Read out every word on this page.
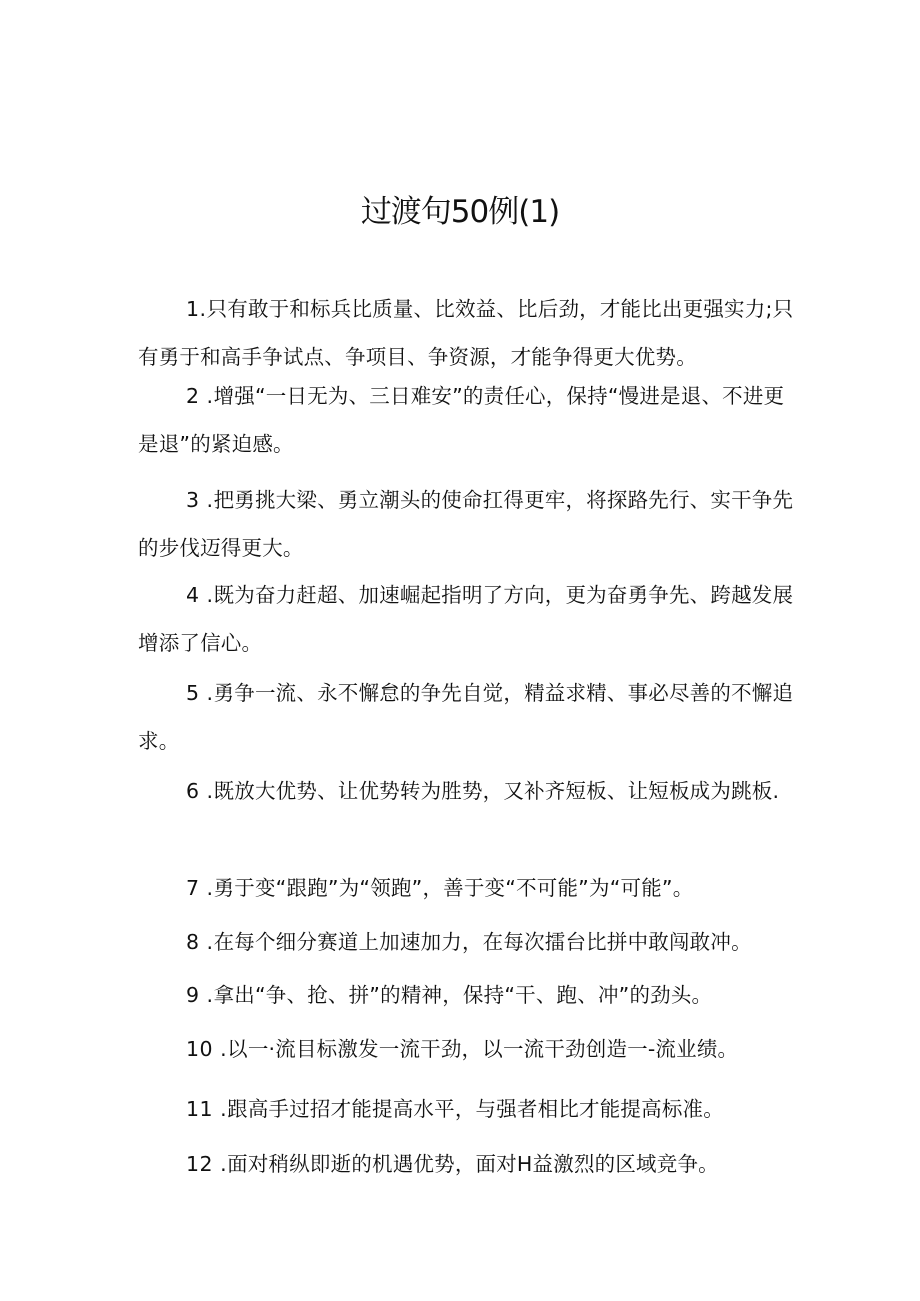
过渡句50例(1)

1.只有敢于和标兵比质量、比效益、比后劲，才能比出更强实力;只有勇于和高手争试点、争项目、争资源，才能争得更大优势。

2 .增强“一日无为、三日难安”的责任心，保持“慢进是退、不进更是退”的紧迫感。

3 .把勇挑大梁、勇立潮头的使命扛得更牢，将探路先行、实干争先的步伐迈得更大。

4 .既为奋力赶超、加速崛起指明了方向，更为奋勇争先、跨越发展增添了信心。

5 .勇争一流、永不懈怠的争先自觉，精益求精、事必尽善的不懈追求。

6 .既放大优势、让优势转为胜势，又补齐短板、让短板成为跳板.

7 .勇于变“跟跑”为“领跑”，善于变“不可能”为“可能”。

8 .在每个细分赛道上加速加力，在每次擂台比拼中敢闯敢冲。

9 .拿出“争、抢、拼”的精神，保持“干、跑、冲”的劲头。

10 .以一·流目标激发一流干劲，以一流干劲创造一-流业绩。

11 .跟高手过招才能提高水平，与强者相比才能提高标准。

12 .面对稍纵即逝的机遇优势，面对H益激烈的区域竞争。
